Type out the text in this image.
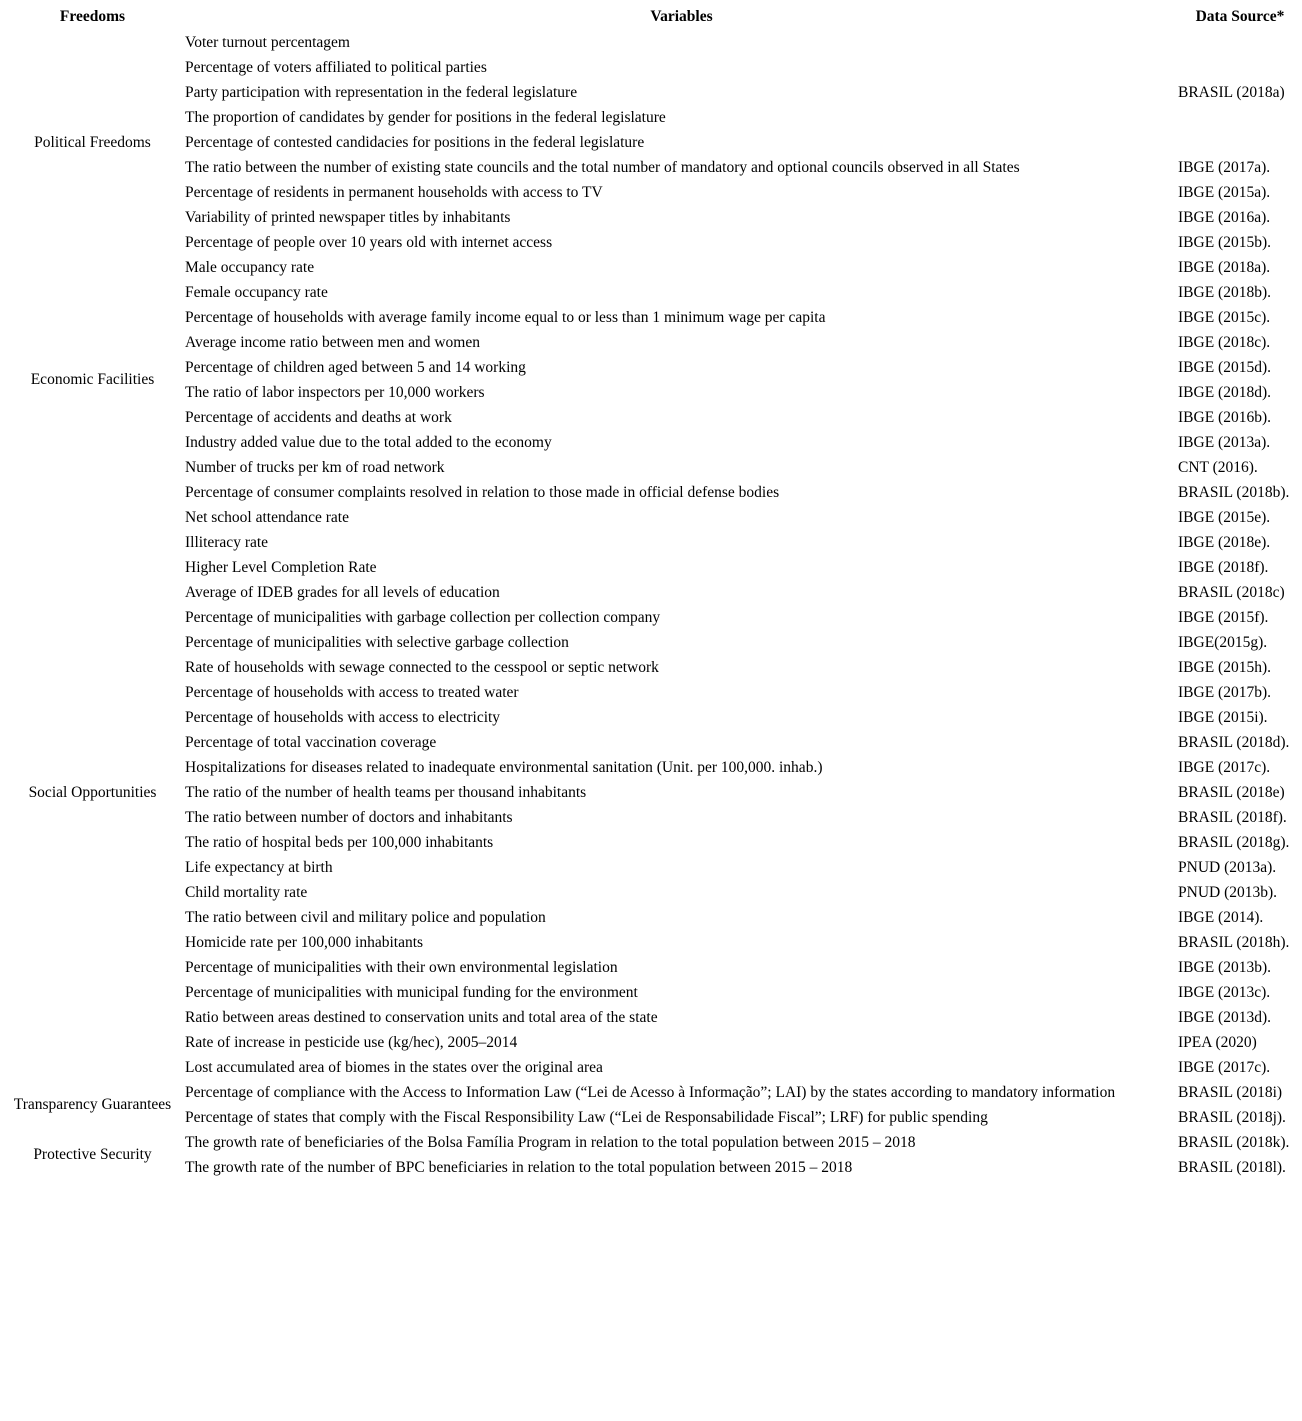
Freedoms	Variables	Data Source*
Political Freedoms	Voter turnout percentagem	
	Percentage of voters affiliated to political parties	
	Party participation with representation in the federal legislature	BRASIL (2018a)
	The proportion of candidates by gender for positions in the federal legislature	
	Percentage of contested candidacies for positions in the federal legislature	
	The ratio between the number of existing state councils and the total number of mandatory and optional councils observed in all States	IBGE (2017a).
	Percentage of residents in permanent households with access to TV	IBGE (2015a).
	Variability of printed newspaper titles by inhabitants	IBGE (2016a).
	Percentage of people over 10 years old with internet access	IBGE (2015b).
Economic Facilities	Male occupancy rate	IBGE (2018a).
	Female occupancy rate	IBGE (2018b).
	Percentage of households with average family income equal to or less than 1 minimum wage per capita	IBGE (2015c).
	Average income ratio between men and women	IBGE (2018c).
	Percentage of children aged between 5 and 14 working	IBGE (2015d).
	The ratio of labor inspectors per 10,000 workers	IBGE (2018d).
	Percentage of accidents and deaths at work	IBGE (2016b).
	Industry added value due to the total added to the economy	IBGE (2013a).
	Number of trucks per km of road network	CNT (2016).
	Percentage of consumer complaints resolved in relation to those made in official defense bodies	BRASIL (2018b).
Social Opportunities	Net school attendance rate	IBGE (2015e).
	Illiteracy rate	IBGE (2018e).
	Higher Level Completion Rate	IBGE (2018f).
	Average of IDEB grades for all levels of education	BRASIL (2018c)
	Percentage of municipalities with garbage collection per collection company	IBGE (2015f).
	Percentage of municipalities with selective garbage collection	IBGE(2015g).
	Rate of households with sewage connected to the cesspool or septic network	IBGE (2015h).
	Percentage of households with access to treated water	IBGE (2017b).
	Percentage of households with access to electricity	IBGE (2015i).
	Percentage of total vaccination coverage	BRASIL (2018d).
	Hospitalizations for diseases related to inadequate environmental sanitation (Unit. per 100,000. inhab.)	IBGE (2017c).
	The ratio of the number of health teams per thousand inhabitants	BRASIL (2018e)
	The ratio between number of doctors and inhabitants	BRASIL (2018f).
	The ratio of hospital beds per 100,000 inhabitants	BRASIL (2018g).
	Life expectancy at birth	PNUD (2013a).
	Child mortality rate	PNUD (2013b).
	The ratio between civil and military police and population	IBGE (2014).
	Homicide rate per 100,000 inhabitants	BRASIL (2018h).
	Percentage of municipalities with their own environmental legislation	IBGE (2013b).
	Percentage of municipalities with municipal funding for the environment	IBGE (2013c).
	Ratio between areas destined to conservation units and total area of the state	IBGE (2013d).
	Rate of increase in pesticide use (kg/hec), 2005–2014	IPEA (2020)
	Lost accumulated area of biomes in the states over the original area	IBGE (2017c).
Transparency Guarantees	Percentage of compliance with the Access to Information Law (“Lei de Acesso à Informação”; LAI) by the states according to mandatory information	BRASIL (2018i)
	Percentage of states that comply with the Fiscal Responsibility Law (“Lei de Responsabilidade Fiscal”; LRF) for public spending	BRASIL (2018j).
Protective Security	The growth rate of beneficiaries of the Bolsa Família Program in relation to the total population between 2015 – 2018	BRASIL (2018k).
	The growth rate of the number of BPC beneficiaries in relation to the total population between 2015 – 2018	BRASIL (2018l).
